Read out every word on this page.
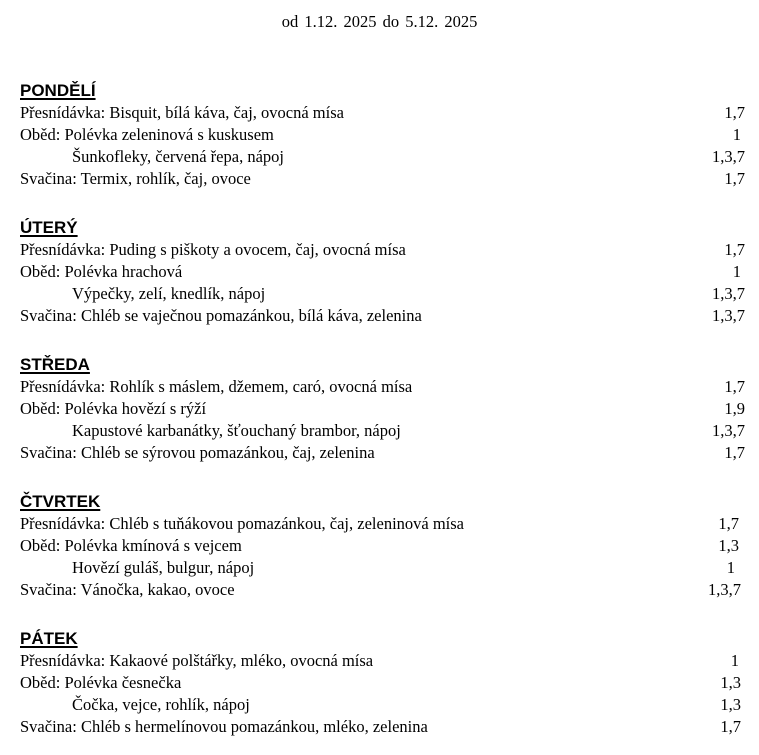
od 1.12. 2025 do 5.12. 2025
PONDĚLÍ
Přesnídávka: Bisquit, bílá káva, čaj, ovocná mísa	1,7
Oběd: Polévka zeleninová s kuskusem	1
Šunkofleky, červená řepa, nápoj	1,3,7
Svačina: Termix, rohlík, čaj, ovoce	1,7
ÚTERÝ
Přesnídávka: Puding s piškoty a ovocem, čaj, ovocná mísa	1,7
Oběd: Polévka hrachová	1
Výpečky, zelí, knedlík, nápoj	1,3,7
Svačina: Chléb se vaječnou pomazánkou, bílá káva, zelenina	1,3,7
STŘEDA
Přesnídávka: Rohlík s máslem, džemem, caró, ovocná mísa	1,7
Oběd: Polévka hovězí s rýží	1,9
Kapustové karbanátky, šťouchaný brambor, nápoj	1,3,7
Svačina: Chléb se sýrovou pomazánkou, čaj, zelenina	1,7
ČTVRTEK
Přesnídávka: Chléb s tuňákovou pomazánkou, čaj, zeleninová mísa	1,7
Oběd: Polévka kmínová s vejcem	1,3
Hovězí guláš, bulgur, nápoj	1
Svačina: Vánočka, kakao, ovoce	1,3,7
PÁTEK
Přesnídávka: Kakaové polštářky, mléko, ovocná mísa	1
Oběd: Polévka česnečka	1,3
Čočka, vejce, rohlík, nápoj	1,3
Svačina: Chléb s hermelínovou pomazánkou, mléko, zelenina	1,7
